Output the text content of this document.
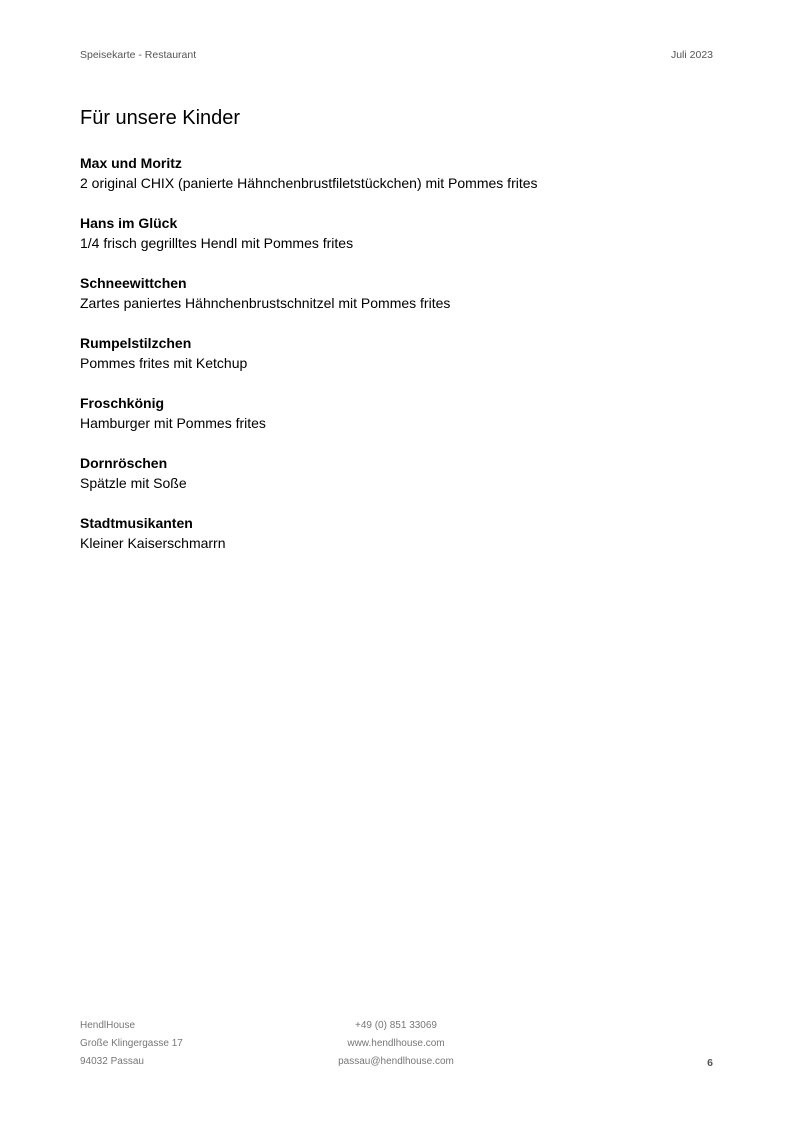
Speisekarte - Restaurant	Juli 2023
Für unsere Kinder
Max und Moritz
2 original CHIX (panierte Hähnchenbrustfiletstückchen) mit Pommes frites
Hans im Glück
1/4 frisch gegrilltes Hendl mit Pommes frites
Schneewittchen
Zartes paniertes Hähnchenbrustschnitzel mit Pommes frites
Rumpelstilzchen
Pommes frites mit Ketchup
Froschkönig
Hamburger mit Pommes frites
Dornröschen
Spätzle mit Soße
Stadtmusikanten
Kleiner Kaiserschmarrn
HendlHouse
Große Klingergasse 17
94032 Passau
+49 (0) 851 33069
www.hendlhouse.com
passau@hendlhouse.com	6
